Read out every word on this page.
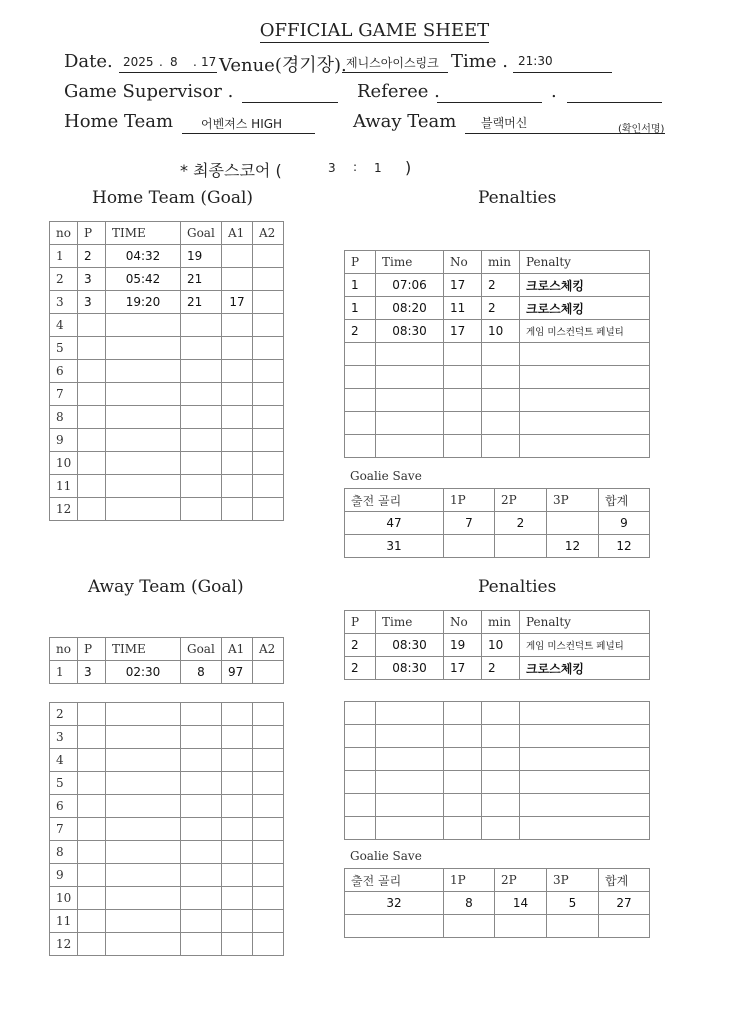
OFFICIAL GAME SHEET
Date. 2025 . 8 . 17 Venue(경기장). 제니스아이스링크 Time . 21:30
Game Supervisor .	Referee .	.
Home Team 어벤져스 HIGH	Away Team 블랙머신	(확인서명)
* 최종스코어 (	3 : 1 )
Home Team (Goal)	Penalties
Away Team (Goal)	Penalties
no	P	TIME	Goal	A1	A2
1	2	04:32	19		
2	3	05:42	21		
3	3	19:20	21	17	
4					
5					
6					
7					
8					
9					
10					
11					
12					
P	Time	No	min	Penalty
1	07:06	17	2	크로스체킹
1	08:20	11	2	크로스체킹
2	08:30	17	10	게임 미스컨덕트 페널티

Goalie Save
출전 골리	1P	2P	3P	합계
47	7	2		9
31			12	12
no	P	TIME	Goal	A1	A2
1	3	02:30	8	97	
2					
3					
4					
5					
6					
7					
8					
9					
10					
11					
12					
P	Time	No	min	Penalty
2	08:30	19	10	게임 미스컨덕트 페널티
2	08:30	17	2	크로스체킹

Goalie Save
출전 골리	1P	2P	3P	합계
32	8	14	5	27
